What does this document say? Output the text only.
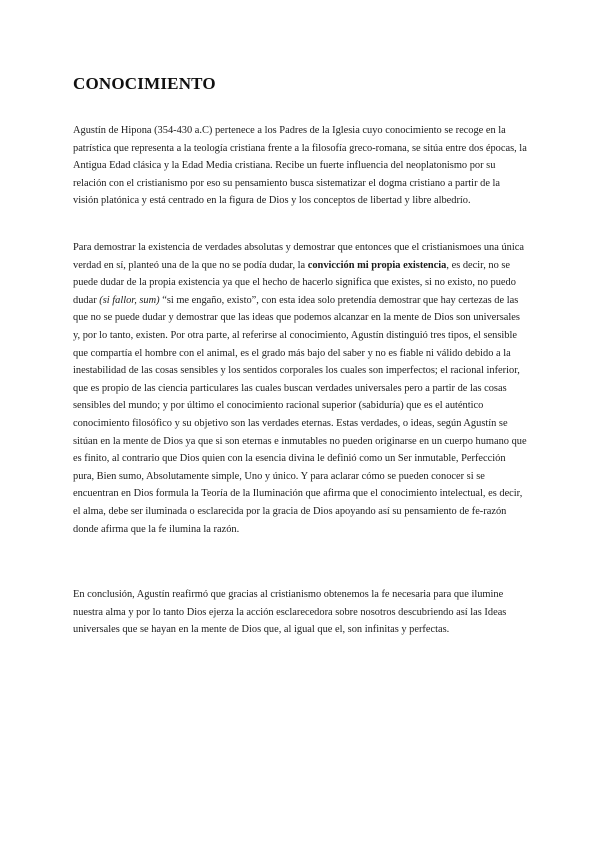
CONOCIMIENTO

Agustín de Hipona (354-430 a.C) pertenece a los Padres de la Iglesia cuyo conocimiento se recoge en la patrística que representa a la teología cristiana frente a la filosofía greco-romana, se sitúa entre dos épocas, la Antigua Edad clásica y la Edad Media cristiana. Recibe un fuerte influencia del neoplatonismo por su relación con el cristianismo por eso su pensamiento busca sistematizar el dogma cristiano a partir de la visión platónica y está centrado en la figura de Dios y los conceptos de libertad y libre albedrío.

Para demostrar la existencia de verdades absolutas y demostrar que entonces que el cristianismoes una única verdad en sí, planteó una de la que no se podía dudar, la convicción mi propia existencia, es decir, no se puede dudar de la propia existencia ya que el hecho de hacerlo significa que existes, si no existo, no puedo dudar (si fallor, sum) “si me engaño, existo”, con esta idea solo pretendía demostrar que hay certezas de las que no se puede dudar y demostrar que las ideas que podemos alcanzar en la mente de Dios son universales y, por lo tanto, existen. Por otra parte, al referirse al conocimiento, Agustín distinguió tres tipos, el sensible que compartía el hombre con el animal, es el grado más bajo del saber y no es fiable ni válido debido a la inestabilidad de las cosas sensibles y los sentidos corporales los cuales son imperfectos; el racional inferior, que es propio de las ciencia particulares las cuales buscan verdades universales pero a partir de las cosas sensibles del mundo; y por último el conocimiento racional superior (sabiduría) que es el auténtico conocimiento filosófico y su objetivo son las verdades eternas. Estas verdades, o ideas, según Agustín se sitúan en la mente de Dios ya que si son eternas e inmutables no pueden originarse en un cuerpo humano que es finito, al contrario que Dios quien con la esencia divina le definió como un Ser inmutable, Perfección pura, Bien sumo, Absolutamente simple, Uno y único. Y para aclarar cómo se pueden conocer si se encuentran en Dios formula la Teoría de la Iluminación que afirma que el conocimiento intelectual, es decir, el alma, debe ser iluminada o esclarecida por la gracia de Dios apoyando así su pensamiento de fe-razón donde afirma que la fe ilumina la razón.

En conclusión, Agustín reafirmó que gracias al cristianismo obtenemos la fe necesaria para que ilumine nuestra alma y por lo tanto Dios ejerza la acción esclarecedora sobre nosotros descubriendo así las Ideas universales que se hayan en la mente de Dios que, al igual que el, son infinitas y perfectas.
